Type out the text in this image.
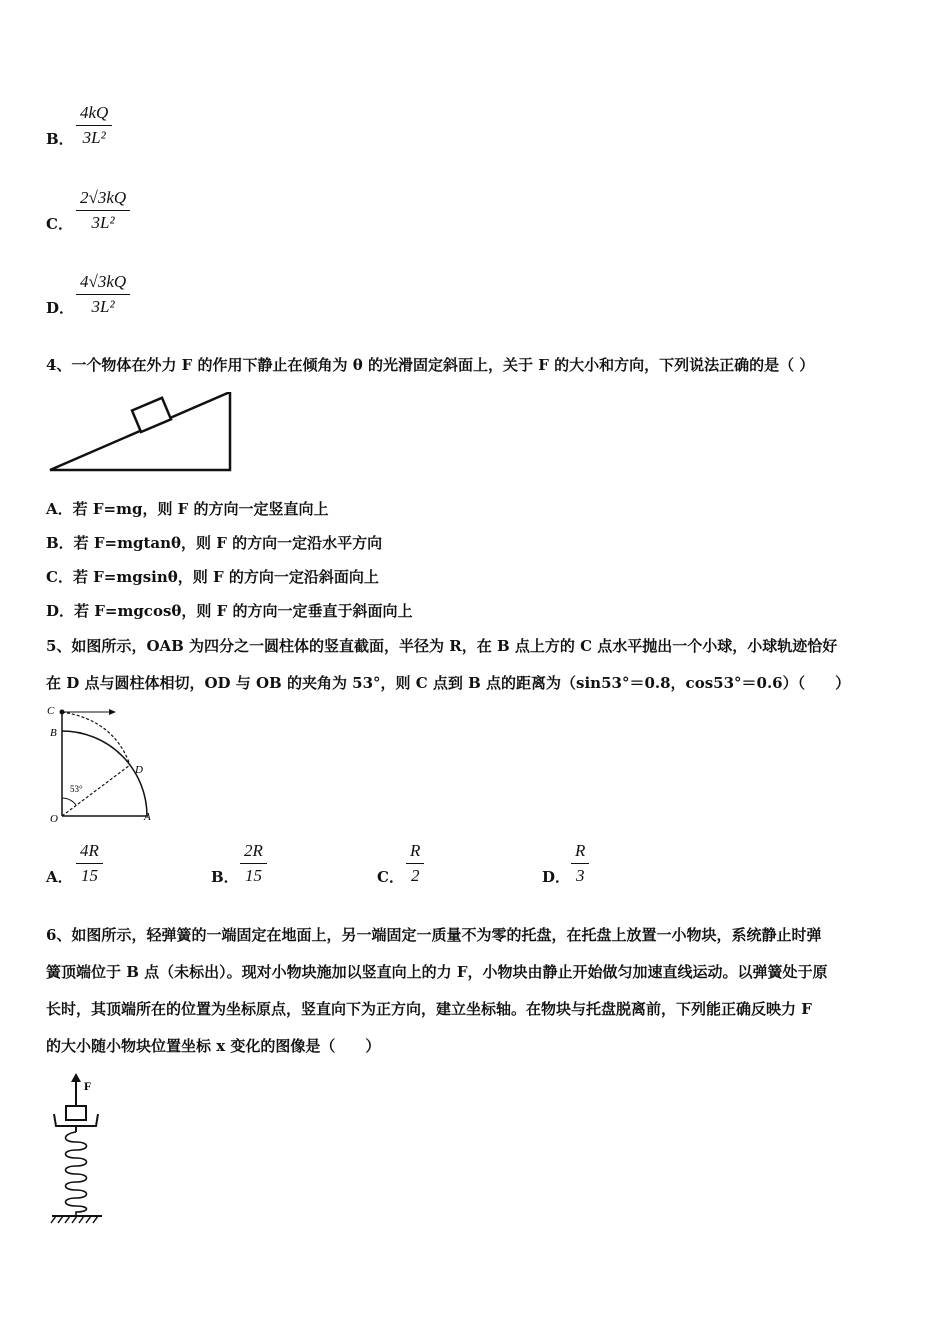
B．
4kQ
3L²
C．
2√3kQ
3L²
D．
4√3kQ
3L²
4、一个物体在外力 F 的作用下静止在倾角为 θ 的光滑固定斜面上，关于 F 的大小和方向，下列说法正确的是（ ）
A．若 F=mg，则 F 的方向一定竖直向上
B．若 F=mgtanθ，则 F 的方向一定沿水平方向
C．若 F=mgsinθ，则 F 的方向一定沿斜面向上
D．若 F=mgcosθ，则 F 的方向一定垂直于斜面向上
5、如图所示，OAB 为四分之一圆柱体的竖直截面，半径为 R，在 B 点上方的 C 点水平抛出一个小球，小球轨迹恰好
在 D 点与圆柱体相切，OD 与 OB 的夹角为 53°，则 C 点到 B 点的距离为（sin53°＝0.8，cos53°＝0.6）（　　）
C
B
D
O	A
53°
A．
4R
15	B．
2R
15	C．
R
2	D．
R
3
6、如图所示，轻弹簧的一端固定在地面上，另一端固定一质量不为零的托盘，在托盘上放置一小物块，系统静止时弹
簧顶端位于 B 点（未标出）。现对小物块施加以竖直向上的力 F，小物块由静止开始做匀加速直线运动。以弹簧处于原
长时，其顶端所在的位置为坐标原点，竖直向下为正方向，建立坐标轴。在物块与托盘脱离前，下列能正确反映力 F
的大小随小物块位置坐标 x 变化的图像是（　　）
F
